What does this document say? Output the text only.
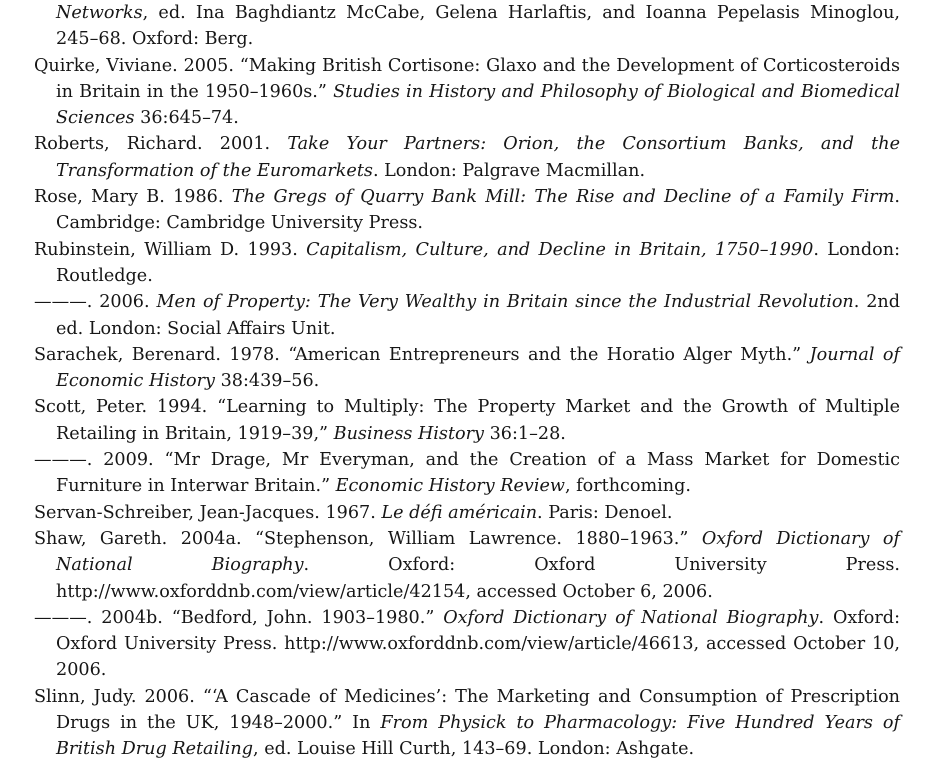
Networks, ed. Ina Baghdiantz McCabe, Gelena Harlaftis, and Ioanna Pepelasis Minoglou, 245–68. Oxford: Berg.

Quirke, Viviane. 2005. “Making British Cortisone: Glaxo and the Development of Corticosteroids in Britain in the 1950–1960s.” Studies in History and Philosophy of Biological and Biomedical Sciences 36:645–74.

Roberts, Richard. 2001. Take Your Partners: Orion, the Consortium Banks, and the Transformation of the Euromarkets. London: Palgrave Macmillan.

Rose, Mary B. 1986. The Gregs of Quarry Bank Mill: The Rise and Decline of a Family Firm. Cambridge: Cambridge University Press.

Rubinstein, William D. 1993. Capitalism, Culture, and Decline in Britain, 1750–1990. London: Routledge.

———. 2006. Men of Property: The Very Wealthy in Britain since the Industrial Revolution. 2nd ed. London: Social Affairs Unit.

Sarachek, Berenard. 1978. “American Entrepreneurs and the Horatio Alger Myth.” Journal of Economic History 38:439–56.

Scott, Peter. 1994. “Learning to Multiply: The Property Market and the Growth of Multiple Retailing in Britain, 1919–39,” Business History 36:1–28.

———. 2009. “Mr Drage, Mr Everyman, and the Creation of a Mass Market for Domestic Furniture in Interwar Britain.” Economic History Review, forthcoming.

Servan-Schreiber, Jean-Jacques. 1967. Le défi américain. Paris: Denoel.

Shaw, Gareth. 2004a. “Stephenson, William Lawrence. 1880–1963.” Oxford Dictionary of National Biography. Oxford: Oxford University Press. http://www.oxforddnb.com/view/article/42154, accessed October 6, 2006.

———. 2004b. “Bedford, John. 1903–1980.” Oxford Dictionary of National Biography. Oxford: Oxford University Press. http://www.oxforddnb.com/view/article/46613, accessed October 10, 2006.

Slinn, Judy. 2006. “‘A Cascade of Medicines’: The Marketing and Consumption of Prescription Drugs in the UK, 1948–2000.” In From Physick to Pharmacology: Five Hundred Years of British Drug Retailing, ed. Louise Hill Curth, 143–69. London: Ashgate.
